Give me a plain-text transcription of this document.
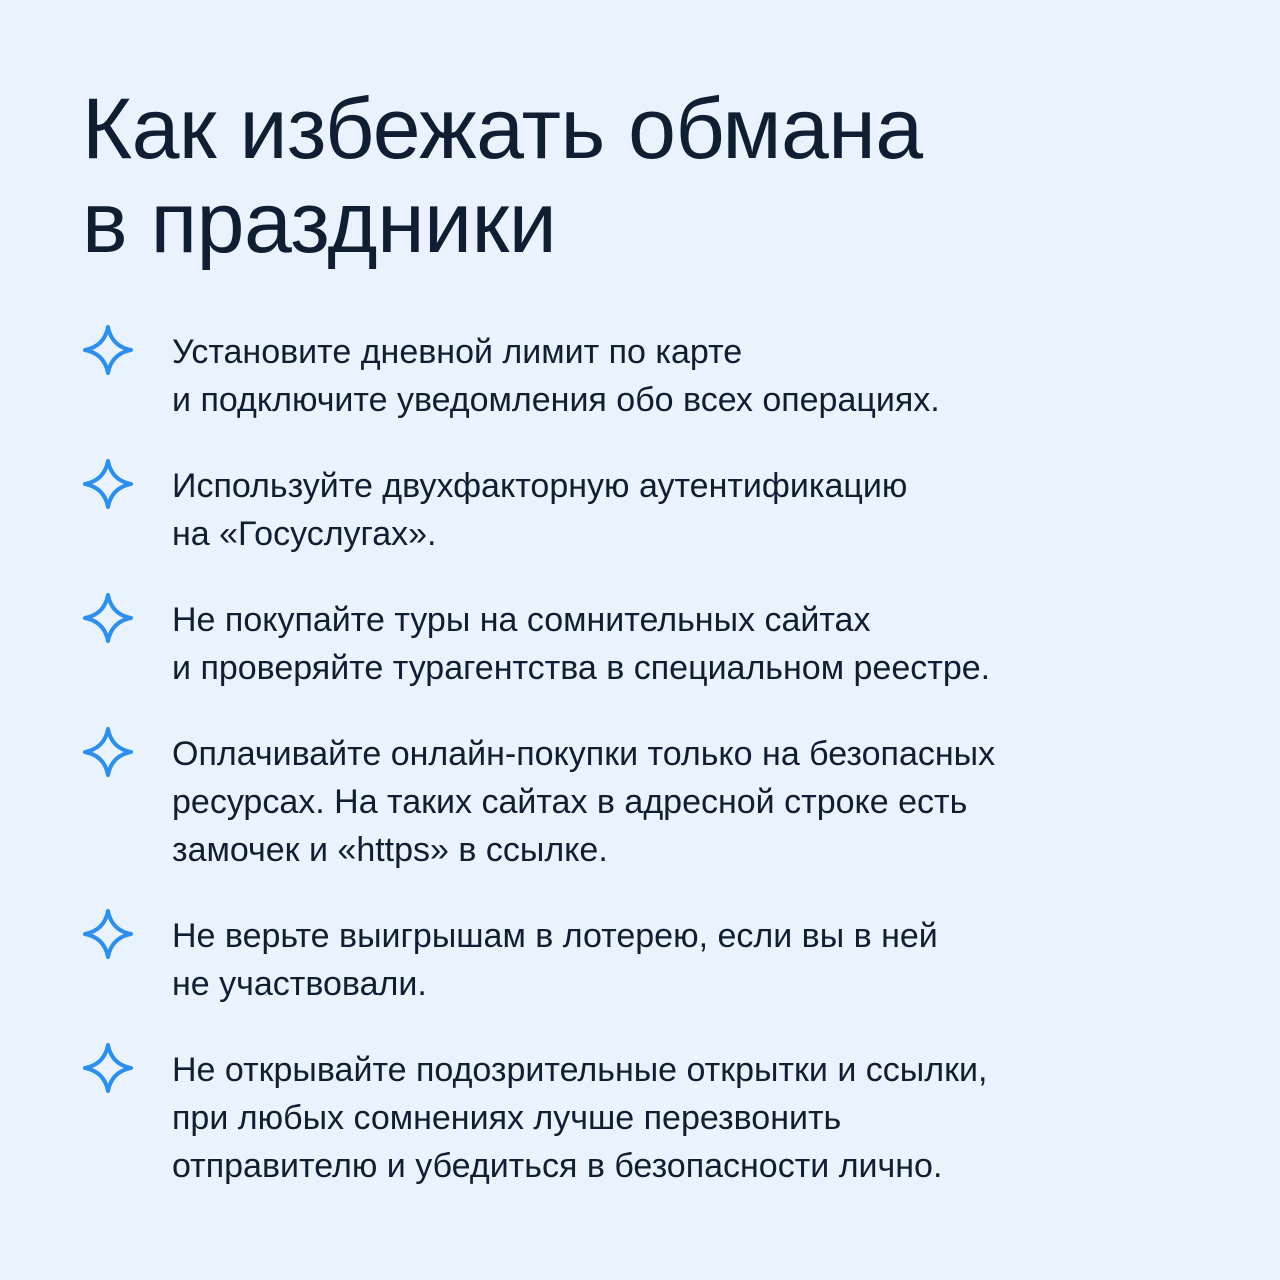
Как избежать обмана
в праздники
Установите дневной лимит по карте
и подключите уведомления обо всех операциях.
Используйте двухфакторную аутентификацию
на «Госуслугах».
Не покупайте туры на сомнительных сайтах
и проверяйте турагентства в специальном реестре.
Оплачивайте онлайн-покупки только на безопасных
ресурсах. На таких сайтах в адресной строке есть
замочек и «https» в ссылке.
Не верьте выигрышам в лотерею, если вы в ней
не участвовали.
Не открывайте подозрительные открытки и ссылки,
при любых сомнениях лучше перезвонить
отправителю и убедиться в безопасности лично.
